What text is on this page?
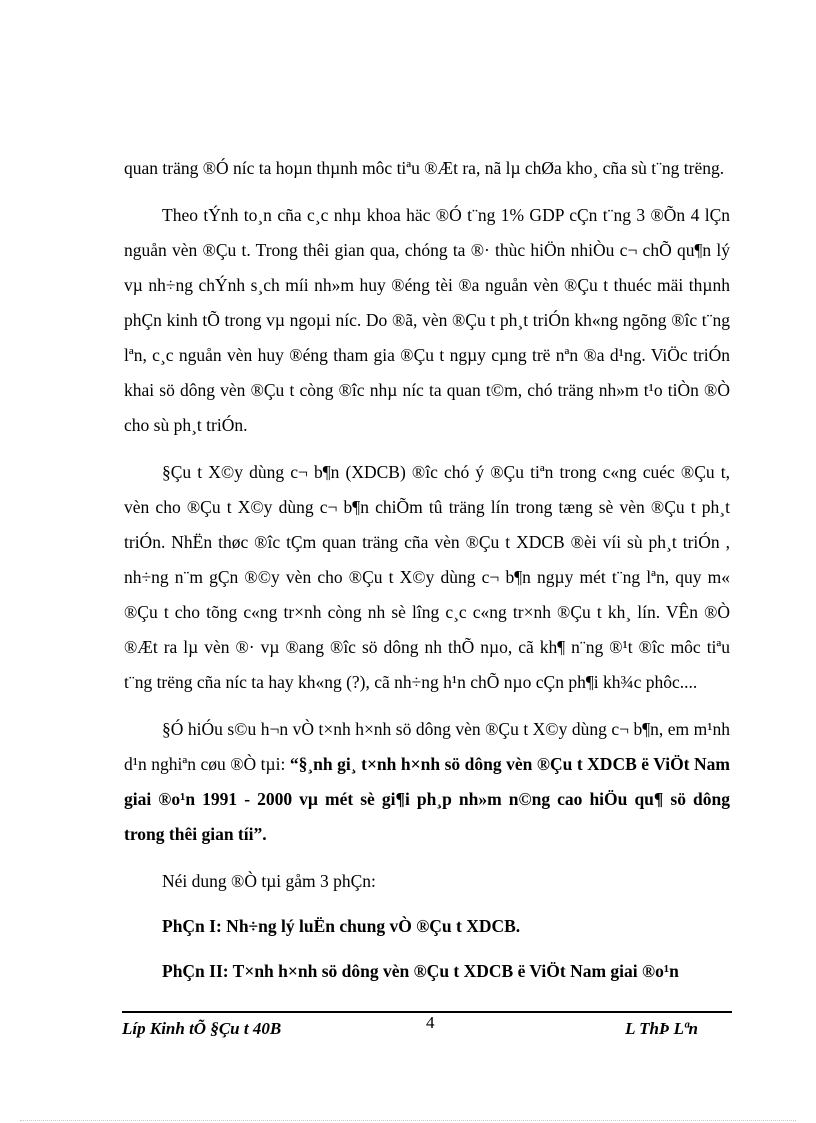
quan träng ®Ó níc ta hoµn thµnh môc tiªu ®Æt ra, nã lµ chØa kho¸ cña sù t¨ng trëng.

Theo tÝnh to¸n cña c¸c nhµ khoa häc ®Ó t¨ng 1% GDP cÇn t¨ng 3 ®Õn 4 lÇn nguån vèn ®Çu t. Trong thêi gian qua, chóng ta ®· thùc hiÖn nhiÒu c¬ chÕ qu¶n lý vµ nh÷ng chÝnh s¸ch míi nh»m huy ®éng tèi ®a nguån vèn ®Çu t thuéc mäi thµnh phÇn kinh tÕ trong vµ ngoµi níc. Do ®ã, vèn ®Çu t ph¸t triÓn kh«ng ngõng ®îc t¨ng lªn, c¸c nguån vèn huy ®éng tham gia ®Çu t ngµy cµng trë nªn ®a d¹ng. ViÖc triÓn khai sö dông vèn ®Çu t còng ®îc nhµ níc ta quan t©m, chó träng nh»m t¹o tiÒn ®Ò cho sù ph¸t triÓn.

§Çu t X©y dùng c¬ b¶n (XDCB) ®îc chó ý ®Çu tiªn trong c«ng cuéc ®Çu t, vèn cho ®Çu t X©y dùng c¬ b¶n chiÕm tû träng lín trong tæng sè vèn ®Çu t ph¸t triÓn. NhËn thøc ®îc tÇm quan träng cña vèn ®Çu t XDCB ®èi víi sù ph¸t triÓn , nh÷ng n¨m gÇn ®©y vèn cho ®Çu t X©y dùng c¬ b¶n ngµy mét t¨ng lªn, quy m« ®Çu t cho tõng c«ng tr×nh còng nh sè lîng c¸c c«ng tr×nh ®Çu t kh¸ lín. VÊn ®Ò ®Æt ra lµ vèn ®· vµ ®ang ®îc sö dông nh thÕ nµo, cã kh¶ n¨ng ®¹t ®îc môc tiªu t¨ng trëng cña níc ta hay kh«ng (?), cã nh÷ng h¹n chÕ nµo cÇn ph¶i kh¾c phôc....

§Ó hiÓu s©u h¬n vÒ t×nh h×nh sö dông vèn ®Çu t X©y dùng c¬ b¶n, em m¹nh d¹n nghiªn cøu ®Ò tµi: “§¸nh gi¸ t×nh h×nh sö dông vèn ®Çu t XDCB ë ViÖt Nam giai ®o¹n 1991 - 2000 vµ mét sè gi¶i ph¸p nh»m n©ng cao hiÖu qu¶ sö dông trong thêi gian tíi”.

Néi dung ®Ò tµi gåm 3 phÇn:

PhÇn I: Nh÷ng lý luËn chung vÒ ®Çu t XDCB.

PhÇn II: T×nh h×nh sö dông vèn ®Çu t XDCB ë ViÖt Nam giai ®o¹n

Líp Kinh tÕ §Çu t 40B	4	L ThÞ Lªn
